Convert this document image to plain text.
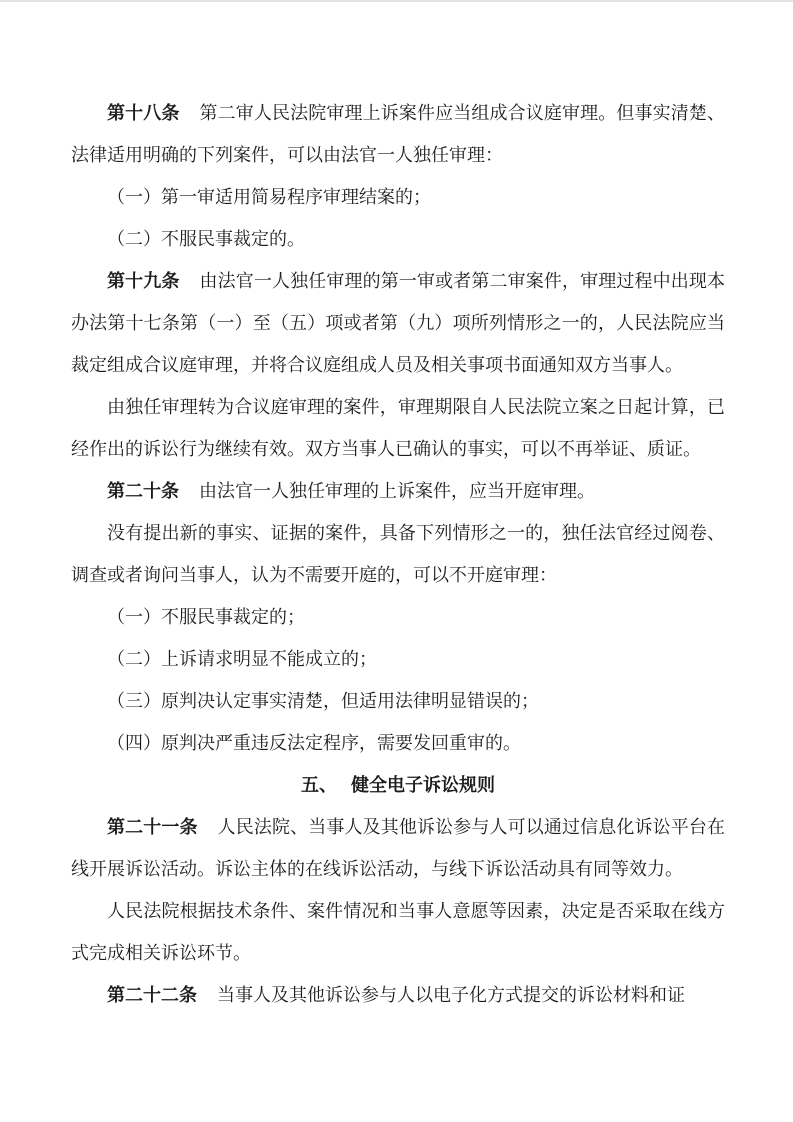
第十八条 第二审人民法院审理上诉案件应当组成合议庭审理。但事实清楚、法律适用明确的下列案件，可以由法官一人独任审理：

（一）第一审适用简易程序审理结案的；

（二）不服民事裁定的。

第十九条 由法官一人独任审理的第一审或者第二审案件，审理过程中出现本办法第十七条第（一）至（五）项或者第（九）项所列情形之一的，人民法院应当裁定组成合议庭审理，并将合议庭组成人员及相关事项书面通知双方当事人。

由独任审理转为合议庭审理的案件，审理期限自人民法院立案之日起计算，已经作出的诉讼行为继续有效。双方当事人已确认的事实，可以不再举证、质证。

第二十条 由法官一人独任审理的上诉案件，应当开庭审理。

没有提出新的事实、证据的案件，具备下列情形之一的，独任法官经过阅卷、调查或者询问当事人，认为不需要开庭的，可以不开庭审理：

（一）不服民事裁定的；

（二）上诉请求明显不能成立的；

（三）原判决认定事实清楚，但适用法律明显错误的；

（四）原判决严重违反法定程序，需要发回重审的。

五、 健全电子诉讼规则

第二十一条 人民法院、当事人及其他诉讼参与人可以通过信息化诉讼平台在线开展诉讼活动。诉讼主体的在线诉讼活动，与线下诉讼活动具有同等效力。

人民法院根据技术条件、案件情况和当事人意愿等因素，决定是否采取在线方式完成相关诉讼环节。

第二十二条 当事人及其他诉讼参与人以电子化方式提交的诉讼材料和证
